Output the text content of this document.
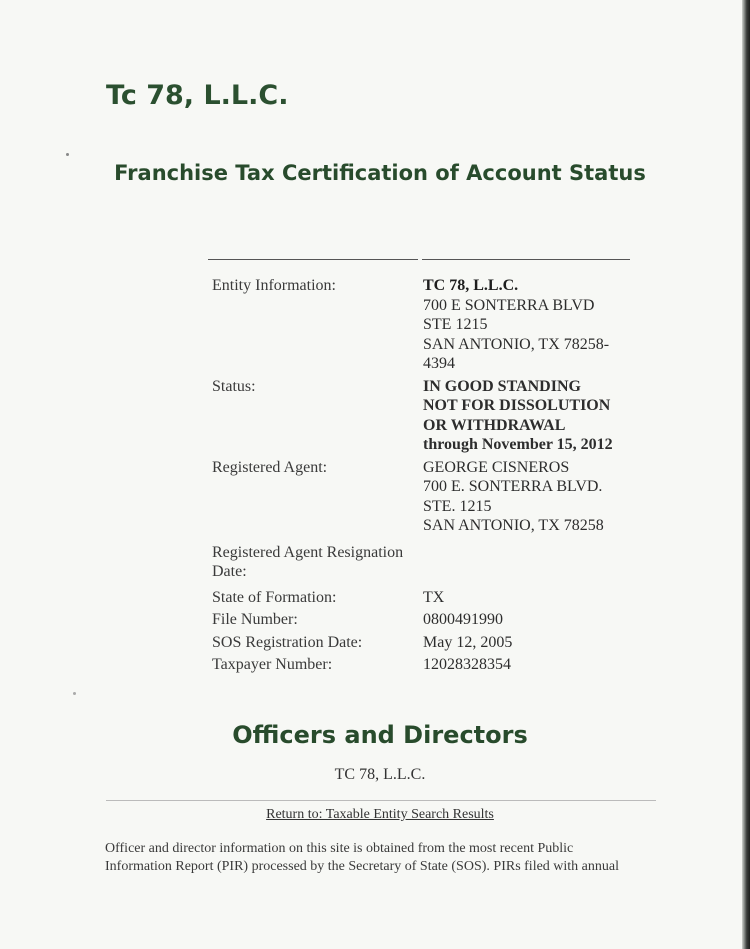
Tc 78, L.L.C.
Franchise Tax Certification of Account Status
Entity Information:	TC 78, L.L.C.
700 E SONTERRA BLVD
STE 1215
SAN ANTONIO, TX 78258-
4394

Status:	IN GOOD STANDING
NOT FOR DISSOLUTION
OR WITHDRAWAL
through November 15, 2012

Registered Agent:	GEORGE CISNEROS
700 E. SONTERRA BLVD.
STE. 1215
SAN ANTONIO, TX 78258

Registered Agent Resignation
Date:	

State of Formation:	TX
File Number:	0800491990
SOS Registration Date:	May 12, 2005
Taxpayer Number:	12028328354
Officers and Directors
TC 78, L.L.C.
Return to: Taxable Entity Search Results
Officer and director information on this site is obtained from the most recent Public
Information Report (PIR) processed by the Secretary of State (SOS). PIRs filed with annual
